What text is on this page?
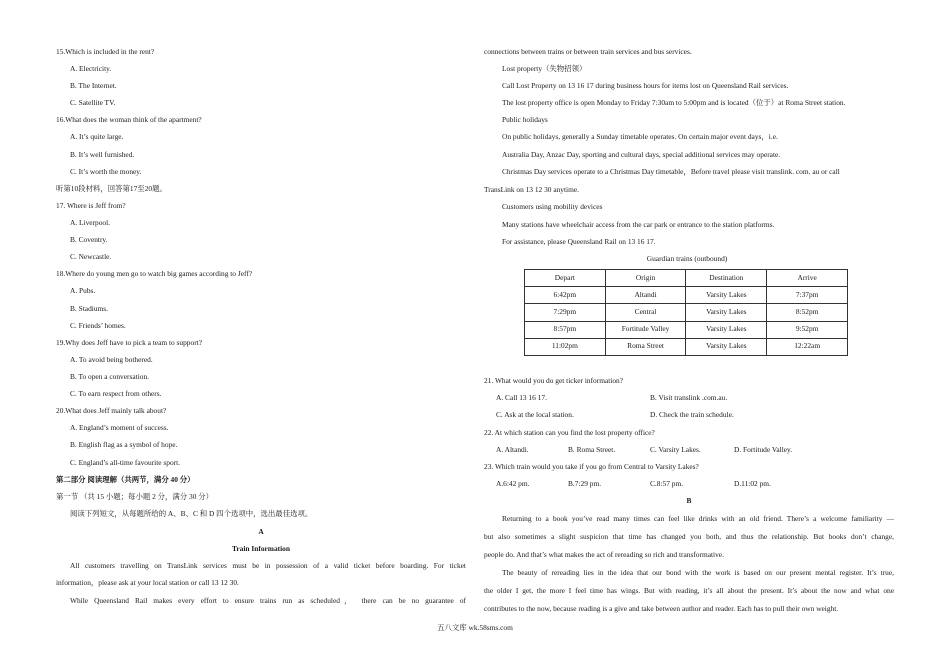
第二部分 阅读理解（共两节，满分 40 分）
第一节 （共 15 小题；每小题 2 分，满分 30 分）
阅读下列短文，从每题所给的 A、B、C 和 D 四个选项中，选出最佳选项。
A
Train Information
All customers travelling on TransLink services must be in possession of a valid ticket before boarding. For ticket
information，please ask at your local station or call 13 12 30.
While Queensland Rail makes every effort to ensure trains run as scheduled， there can be no guarantee of
15.Which is included in the rent?
A. Electricity.
B. The Internet.
C. Satellite TV.
16.What does the woman think of the apartment?
A. It’s quite large.
B. It’s well furnished.
C. It’s worth the money.
听第10段材料，回答第17至20题。
17. Where is Jeff from?
A. Liverpool.
B. Coventry.
C. Newcastle.
18.Where do young men go to watch big games according to Jeff?
A. Pubs.
B. Stadiums.
C. Friends’ homes.
19.Why does Jeff have to pick a team to support?
A. To avoid being bothered.
B. To open a conversation.
C. To earn respect from others.
20.What does Jeff mainly talk about?
A. England’s moment of success.
B. English flag as a symbol of hope.
C. England’s all-time favourite sport.
connections between trains or between train services and bus services.
Lost property（失物招领）
Call Lost Property on 13 16 17 during business hours for items lost on Queensland Rail services.
The lost property office is open Monday to Friday 7:30am to 5:00pm and is located（位于）at Roma Street station.
Public holidays
On public holidays, generally a Sunday timetable operates. On certain major event days，i.e.
Australia Day, Anzac Day, sporting and cultural days, special additional services may operate.
Christmas Day services operate to a Christmas Day timetable，Before travel please visit translink. com. au or call
TransLink on 13 12 30 anytime.
Customers using mobility devices
Many stations have wheelchair access from the car park or entrance to the station platforms.
For assistance, please Queensland Rail on 13 16 17.
Guardian trains (outbound)
Depart	Origin	Destination	Arrive
6:42pm	Altandi	Varsity Lakes	7:37pm
7:29pm	Central	Varsity Lakes	8:52pm
8:57pm	Fortitude Valley	Varsity Lakes	9:52pm
11:02pm	Roma Street	Varsity Lakes	12:22am
21. What would you do get ticker information?
A. Call 13 16 17.	B. Visit translink .com.au.
C. Ask at the local station.	D. Check the train schedule.
22. At which station can you find the lost property office?
A. Altandi.	B. Roma Street.	C. Varsity Lakes.	D. Fortitude Valley.
23. Which train would you take if you go from Central to Varsity Lakes?
A.6:42 pm.	B.7:29 pm.	C.8:57 pm.	D.11:02 pm.
B
Returning to a book you’ve read many times can feel like drinks with an old friend. There’s a welcome familiarity —
but also sometimes a slight suspicion that time has changed you both, and thus the relationship. But books don’t change,
people do. And that’s what makes the act of rereading so rich and transformative.
The beauty of rereading lies in the idea that our bond with the work is based on our present mental register. It’s true,
the older I get, the more I feel time has wings. But with reading, it’s all about the present. It’s about the now and what one
contributes to the now, because reading is a give and take between author and reader. Each has to pull their own weight.
五八文库 wk.58sms.com
